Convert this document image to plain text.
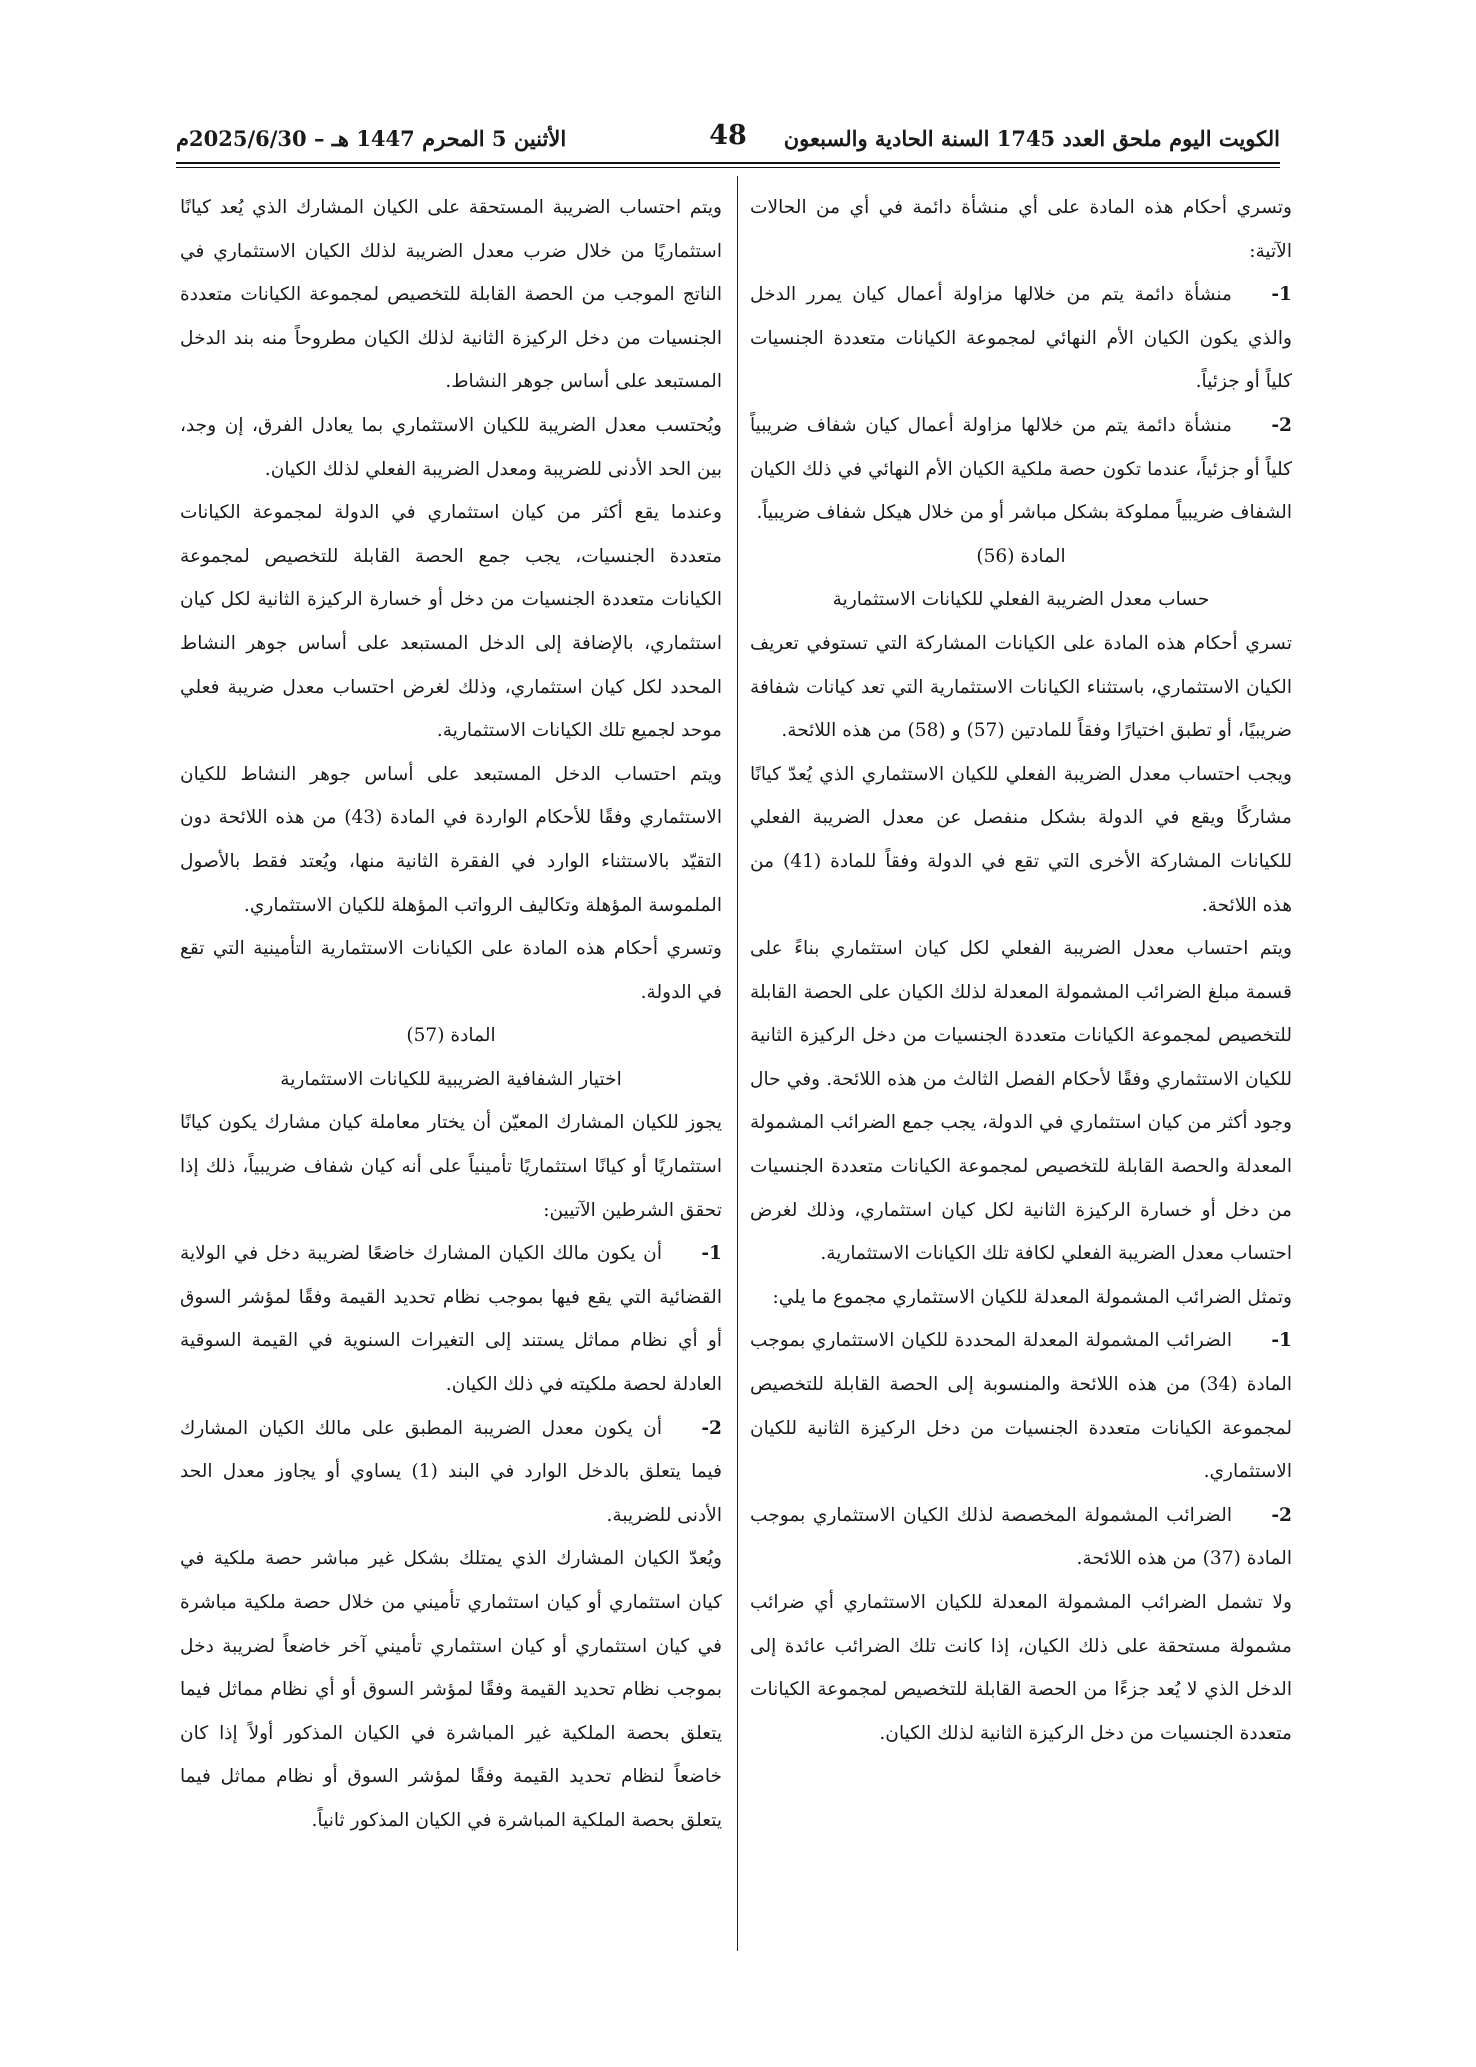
الكويت اليوم ملحق العدد 1745 السنة الحادية والسبعون
48
الأثنين 5 المحرم 1447 هـ – 2025/6/30م

وتسري أحكام هذه المادة على أي منشأة دائمة في أي من الحالات الآتية:

1-منشأة دائمة يتم من خلالها مزاولة أعمال كيان يمرر الدخل والذي يكون الكيان الأم النهائي لمجموعة الكيانات متعددة الجنسيات كلياً أو جزئياً.

2-منشأة دائمة يتم من خلالها مزاولة أعمال كيان شفاف ضريبياً كلياً أو جزئياً، عندما تكون حصة ملكية الكيان الأم النهائي في ذلك الكيان الشفاف ضريبياً مملوكة بشكل مباشر أو من خلال هيكل شفاف ضريبياً.

المادة (56)

حساب معدل الضريبة الفعلي للكيانات الاستثمارية

تسري أحكام هذه المادة على الكيانات المشاركة التي تستوفي تعريف الكيان الاستثماري، باستثناء الكيانات الاستثمارية التي تعد كيانات شفافة ضريبيًا، أو تطبق اختيارًا وفقاً للمادتين (57) و (58) من هذه اللائحة.

ويجب احتساب معدل الضريبة الفعلي للكيان الاستثماري الذي يُعدّ كيانًا مشاركًا ويقع في الدولة بشكل منفصل عن معدل الضريبة الفعلي للكيانات المشاركة الأخرى التي تقع في الدولة وفقاً للمادة (41) من هذه اللائحة.

ويتم احتساب معدل الضريبة الفعلي لكل كيان استثماري بناءً على قسمة مبلغ الضرائب المشمولة المعدلة لذلك الكيان على الحصة القابلة للتخصيص لمجموعة الكيانات متعددة الجنسيات من دخل الركيزة الثانية للكيان الاستثماري وفقًا لأحكام الفصل الثالث من هذه اللائحة. وفي حال وجود أكثر من كيان استثماري في الدولة، يجب جمع الضرائب المشمولة المعدلة والحصة القابلة للتخصيص لمجموعة الكيانات متعددة الجنسيات من دخل أو خسارة الركيزة الثانية لكل كيان استثماري، وذلك لغرض احتساب معدل الضريبة الفعلي لكافة تلك الكيانات الاستثمارية.

وتمثل الضرائب المشمولة المعدلة للكيان الاستثماري مجموع ما يلي:

1-الضرائب المشمولة المعدلة المحددة للكيان الاستثماري بموجب المادة (34) من هذه اللائحة والمنسوبة إلى الحصة القابلة للتخصيص لمجموعة الكيانات متعددة الجنسيات من دخل الركيزة الثانية للكيان الاستثماري.

2-الضرائب المشمولة المخصصة لذلك الكيان الاستثماري بموجب المادة (37) من هذه اللائحة.

ولا تشمل الضرائب المشمولة المعدلة للكيان الاستثماري أي ضرائب مشمولة مستحقة على ذلك الكيان، إذا كانت تلك الضرائب عائدة إلى الدخل الذي لا يُعد جزءًا من الحصة القابلة للتخصيص لمجموعة الكيانات متعددة الجنسيات من دخل الركيزة الثانية لذلك الكيان.

ويتم احتساب الضريبة المستحقة على الكيان المشارك الذي يُعد كيانًا استثماريًا من خلال ضرب معدل الضريبة لذلك الكيان الاستثماري في الناتج الموجب من الحصة القابلة للتخصيص لمجموعة الكيانات متعددة الجنسيات من دخل الركيزة الثانية لذلك الكيان مطروحاً منه بند الدخل المستبعد على أساس جوهر النشاط.

ويُحتسب معدل الضريبة للكيان الاستثماري بما يعادل الفرق، إن وجد، بين الحد الأدنى للضريبة ومعدل الضريبة الفعلي لذلك الكيان.

وعندما يقع أكثر من كيان استثماري في الدولة لمجموعة الكيانات متعددة الجنسيات، يجب جمع الحصة القابلة للتخصيص لمجموعة الكيانات متعددة الجنسيات من دخل أو خسارة الركيزة الثانية لكل كيان استثماري، بالإضافة إلى الدخل المستبعد على أساس جوهر النشاط المحدد لكل كيان استثماري، وذلك لغرض احتساب معدل ضريبة فعلي موحد لجميع تلك الكيانات الاستثمارية.

ويتم احتساب الدخل المستبعد على أساس جوهر النشاط للكيان الاستثماري وفقًا للأحكام الواردة في المادة (43) من هذه اللائحة دون التقيّد بالاستثناء الوارد في الفقرة الثانية منها، ويُعتد فقط بالأصول الملموسة المؤهلة وتكاليف الرواتب المؤهلة للكيان الاستثماري.

وتسري أحكام هذه المادة على الكيانات الاستثمارية التأمينية التي تقع في الدولة.

المادة (57)

اختيار الشفافية الضريبية للكيانات الاستثمارية

يجوز للكيان المشارك المعيّن أن يختار معاملة كيان مشارك يكون كيانًا استثماريًا أو كيانًا استثماريًا تأمينياً على أنه كيان شفاف ضريبياً، ذلك إذا تحقق الشرطين الآتيين:

1-أن يكون مالك الكيان المشارك خاضعًا لضريبة دخل في الولاية القضائية التي يقع فيها بموجب نظام تحديد القيمة وفقًا لمؤشر السوق أو أي نظام مماثل يستند إلى التغيرات السنوية في القيمة السوقية العادلة لحصة ملكيته في ذلك الكيان.

2-أن يكون معدل الضريبة المطبق على مالك الكيان المشارك فيما يتعلق بالدخل الوارد في البند (1) يساوي أو يجاوز معدل الحد الأدنى للضريبة.

ويُعدّ الكيان المشارك الذي يمتلك بشكل غير مباشر حصة ملكية في كيان استثماري أو كيان استثماري تأميني من خلال حصة ملكية مباشرة في كيان استثماري أو كيان استثماري تأميني آخر خاضعاً لضريبة دخل بموجب نظام تحديد القيمة وفقًا لمؤشر السوق أو أي نظام مماثل فيما يتعلق بحصة الملكية غير المباشرة في الكيان المذكور أولاً إذا كان خاضعاً لنظام تحديد القيمة وفقًا لمؤشر السوق أو نظام مماثل فيما يتعلق بحصة الملكية المباشرة في الكيان المذكور ثانياً.
